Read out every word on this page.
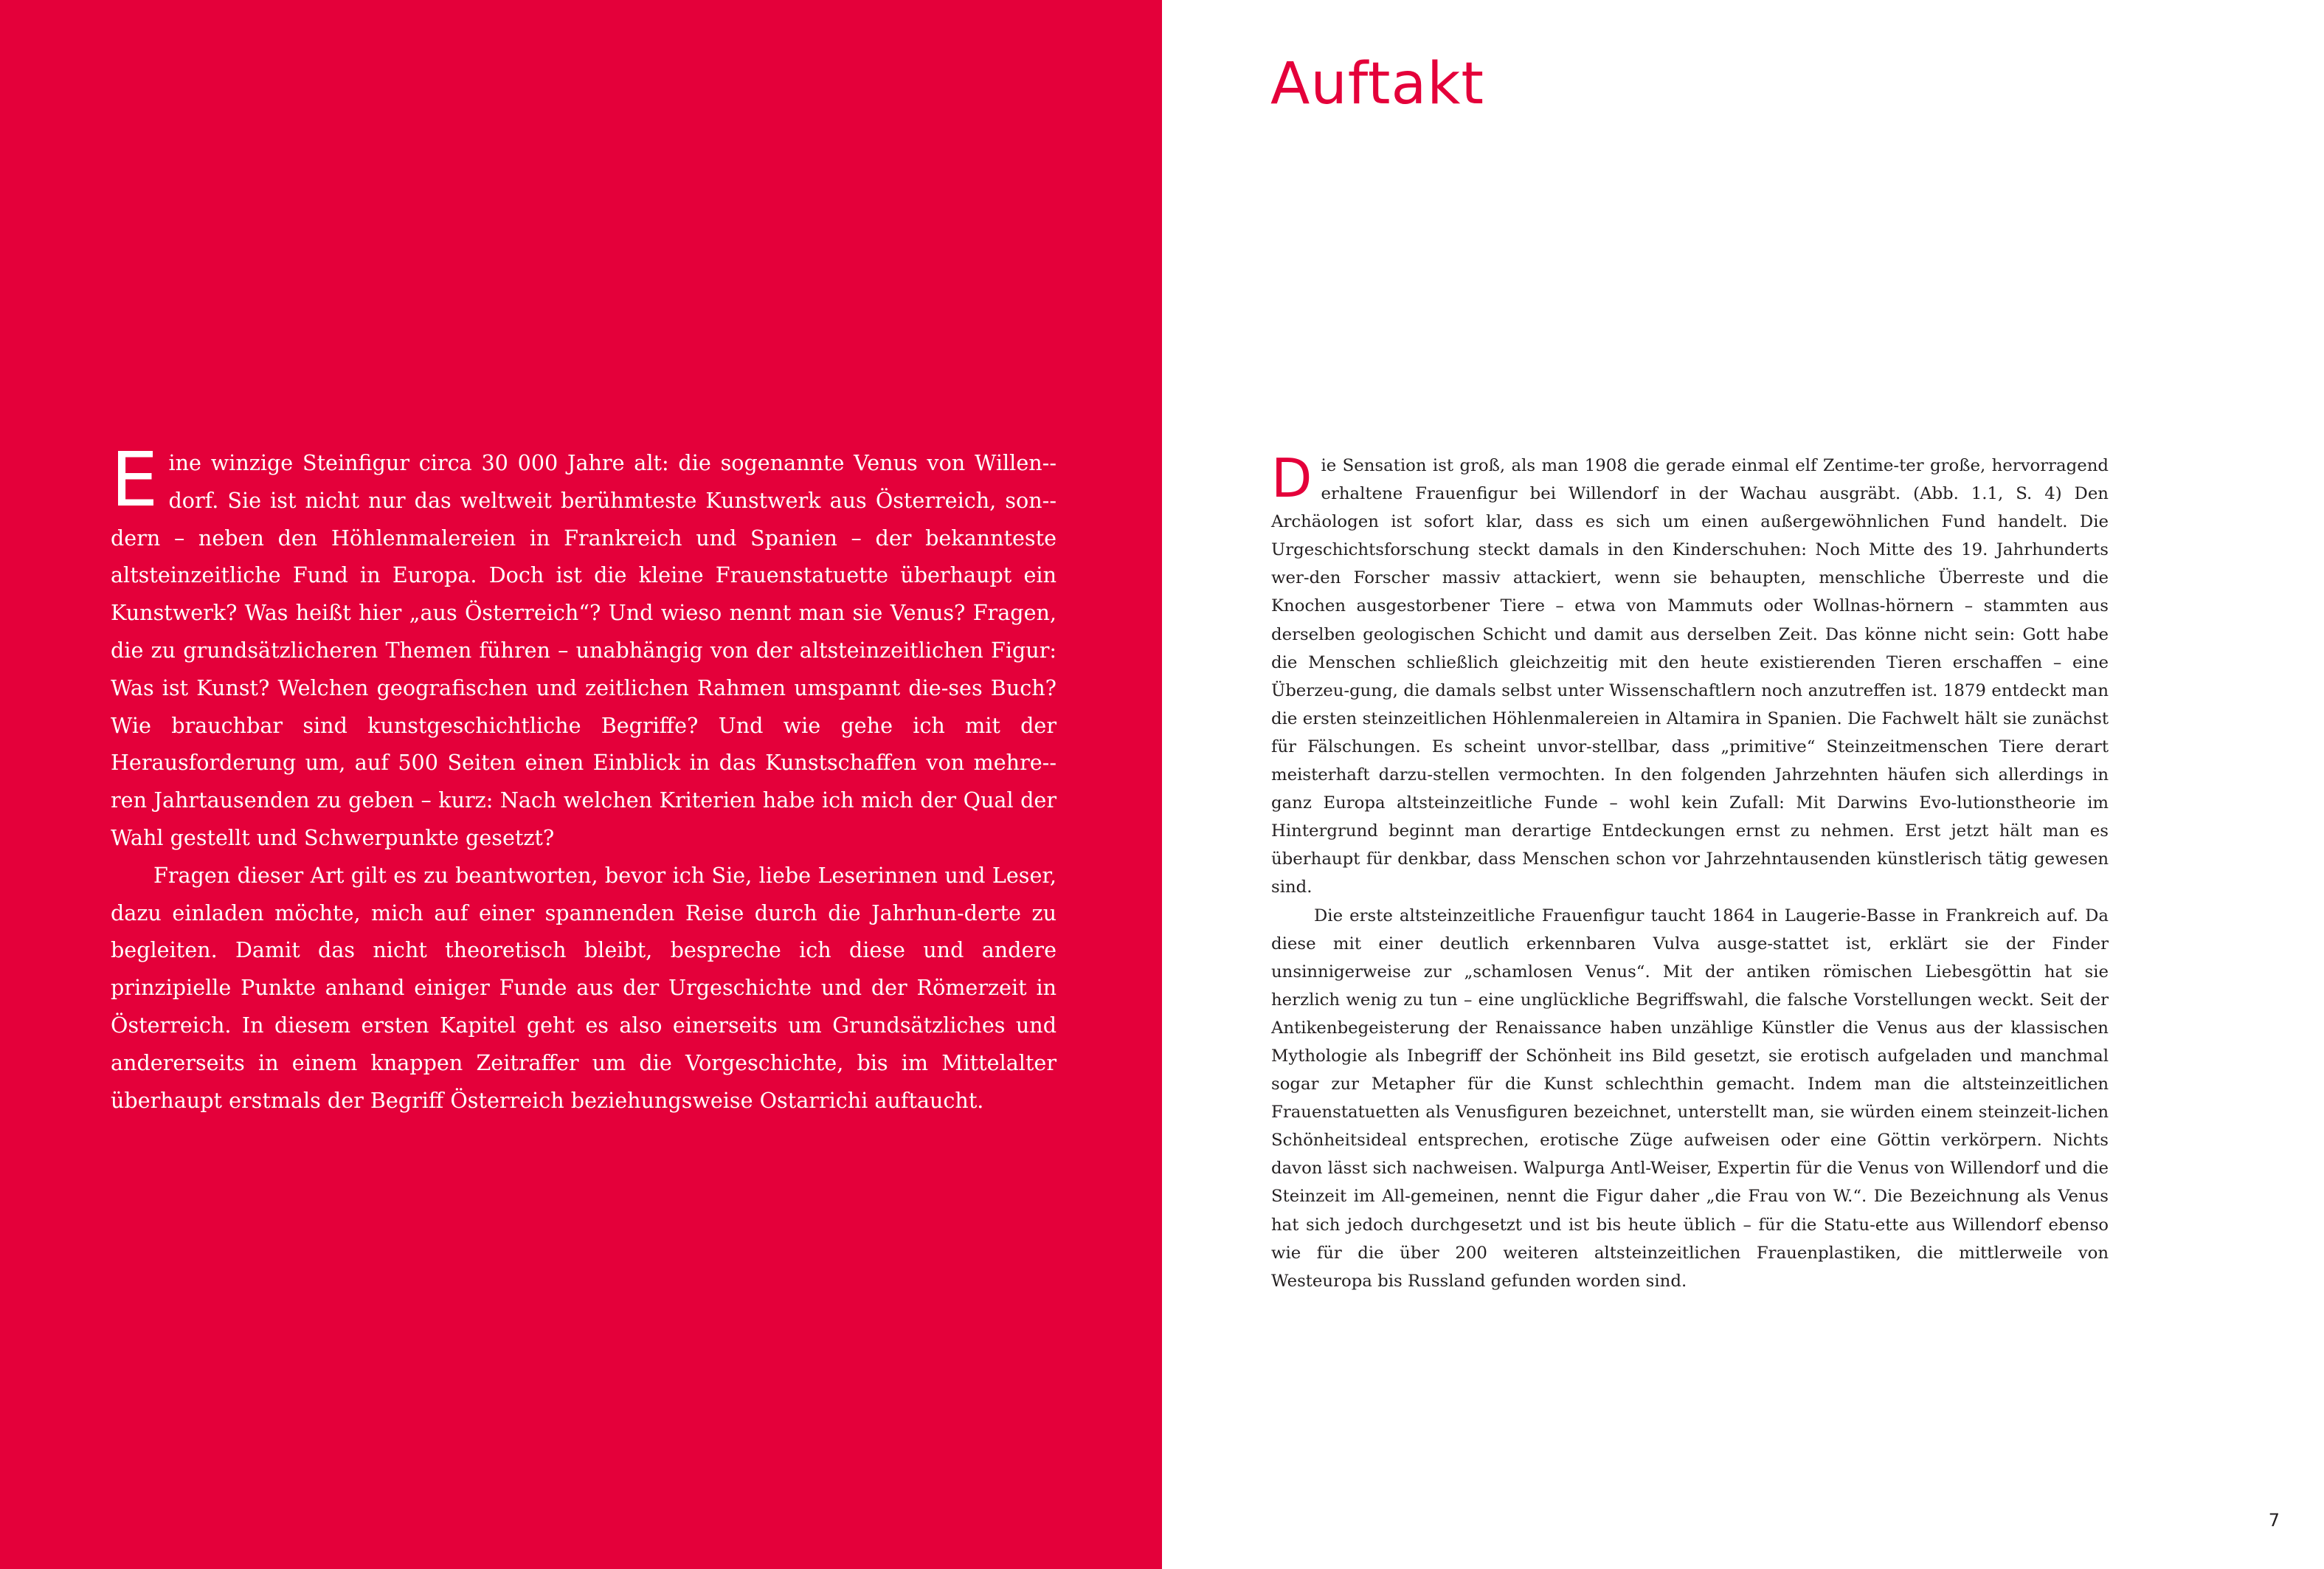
Eine winzige Steinfigur circa 30 000 Jahre alt: die sogenannte Venus von Willen-dorf. Sie ist nicht nur das weltweit berühmteste Kunstwerk aus Österreich, son-dern – neben den Höhlenmalereien in Frankreich und Spanien – der bekannteste altsteinzeitliche Fund in Europa. Doch ist die kleine Frauenstatuette überhaupt ein Kunstwerk? Was heißt hier „aus Österreich“? Und wieso nennt man sie Venus? Fragen, die zu grundsätzlicheren Themen führen – unabhängig von der altsteinzeitlichen Figur: Was ist Kunst? Welchen geografischen und zeitlichen Rahmen umspannt die-ses Buch? Wie brauchbar sind kunstgeschichtliche Begriffe? Und wie gehe ich mit der Herausforderung um, auf 500 Seiten einen Einblick in das Kunstschaffen von mehre-ren Jahrtausenden zu geben – kurz: Nach welchen Kriterien habe ich mich der Qual der Wahl gestellt und Schwerpunkte gesetzt?

Fragen dieser Art gilt es zu beantworten, bevor ich Sie, liebe Leserinnen und Leser, dazu einladen möchte, mich auf einer spannenden Reise durch die Jahrhun-derte zu begleiten. Damit das nicht theoretisch bleibt, bespreche ich diese und andere prinzipielle Punkte anhand einiger Funde aus der Urgeschichte und der Römerzeit in Österreich. In diesem ersten Kapitel geht es also einerseits um Grundsätzliches und andererseits in einem knappen Zeitraffer um die Vorgeschichte, bis im Mittelalter überhaupt erstmals der Begriff Österreich beziehungsweise Ostarrichi auftaucht.

Auftakt

Die Sensation ist groß, als man 1908 die gerade einmal elf Zentime-ter große, hervorragend erhaltene Frauenfigur bei Willendorf in der Wachau ausgräbt. (Abb. 1.1, S. 4) Den Archäologen ist sofort klar, dass es sich um einen außergewöhnlichen Fund handelt. Die Urgeschichtsforschung steckt damals in den Kinderschuhen: Noch Mitte des 19. Jahrhunderts wer-den Forscher massiv attackiert, wenn sie behaupten, menschliche Überreste und die Knochen ausgestorbener Tiere – etwa von Mammuts oder Wollnas-hörnern – stammten aus derselben geologischen Schicht und damit aus derselben Zeit. Das könne nicht sein: Gott habe die Menschen schließlich gleichzeitig mit den heute existierenden Tieren erschaffen – eine Überzeu-gung, die damals selbst unter Wissenschaftlern noch anzutreffen ist. 1879 entdeckt man die ersten steinzeitlichen Höhlenmalereien in Altamira in Spanien. Die Fachwelt hält sie zunächst für Fälschungen. Es scheint unvor-stellbar, dass „primitive“ Steinzeitmenschen Tiere derart meisterhaft darzu-stellen vermochten. In den folgenden Jahrzehnten häufen sich allerdings in ganz Europa altsteinzeitliche Funde – wohl kein Zufall: Mit Darwins Evo-lutionstheorie im Hintergrund beginnt man derartige Entdeckungen ernst zu nehmen. Erst jetzt hält man es überhaupt für denkbar, dass Menschen schon vor Jahrzehntausenden künstlerisch tätig gewesen sind.

Die erste altsteinzeitliche Frauenfigur taucht 1864 in Laugerie-Basse in Frankreich auf. Da diese mit einer deutlich erkennbaren Vulva ausge-stattet ist, erklärt sie der Finder unsinnigerweise zur „schamlosen Venus“. Mit der antiken römischen Liebesgöttin hat sie herzlich wenig zu tun – eine unglückliche Begriffswahl, die falsche Vorstellungen weckt. Seit der Antikenbegeisterung der Renaissance haben unzählige Künstler die Venus aus der klassischen Mythologie als Inbegriff der Schönheit ins Bild gesetzt, sie erotisch aufgeladen und manchmal sogar zur Metapher für die Kunst schlechthin gemacht. Indem man die altsteinzeitlichen Frauenstatuetten als Venusfiguren bezeichnet, unterstellt man, sie würden einem steinzeit-lichen Schönheitsideal entsprechen, erotische Züge aufweisen oder eine Göttin verkörpern. Nichts davon lässt sich nachweisen. Walpurga Antl-Weiser, Expertin für die Venus von Willendorf und die Steinzeit im All-gemeinen, nennt die Figur daher „die Frau von W.“. Die Bezeichnung als Venus hat sich jedoch durchgesetzt und ist bis heute üblich – für die Statu-ette aus Willendorf ebenso wie für die über 200 weiteren altsteinzeitlichen Frauenplastiken, die mittlerweile von Westeuropa bis Russland gefunden worden sind.

7
